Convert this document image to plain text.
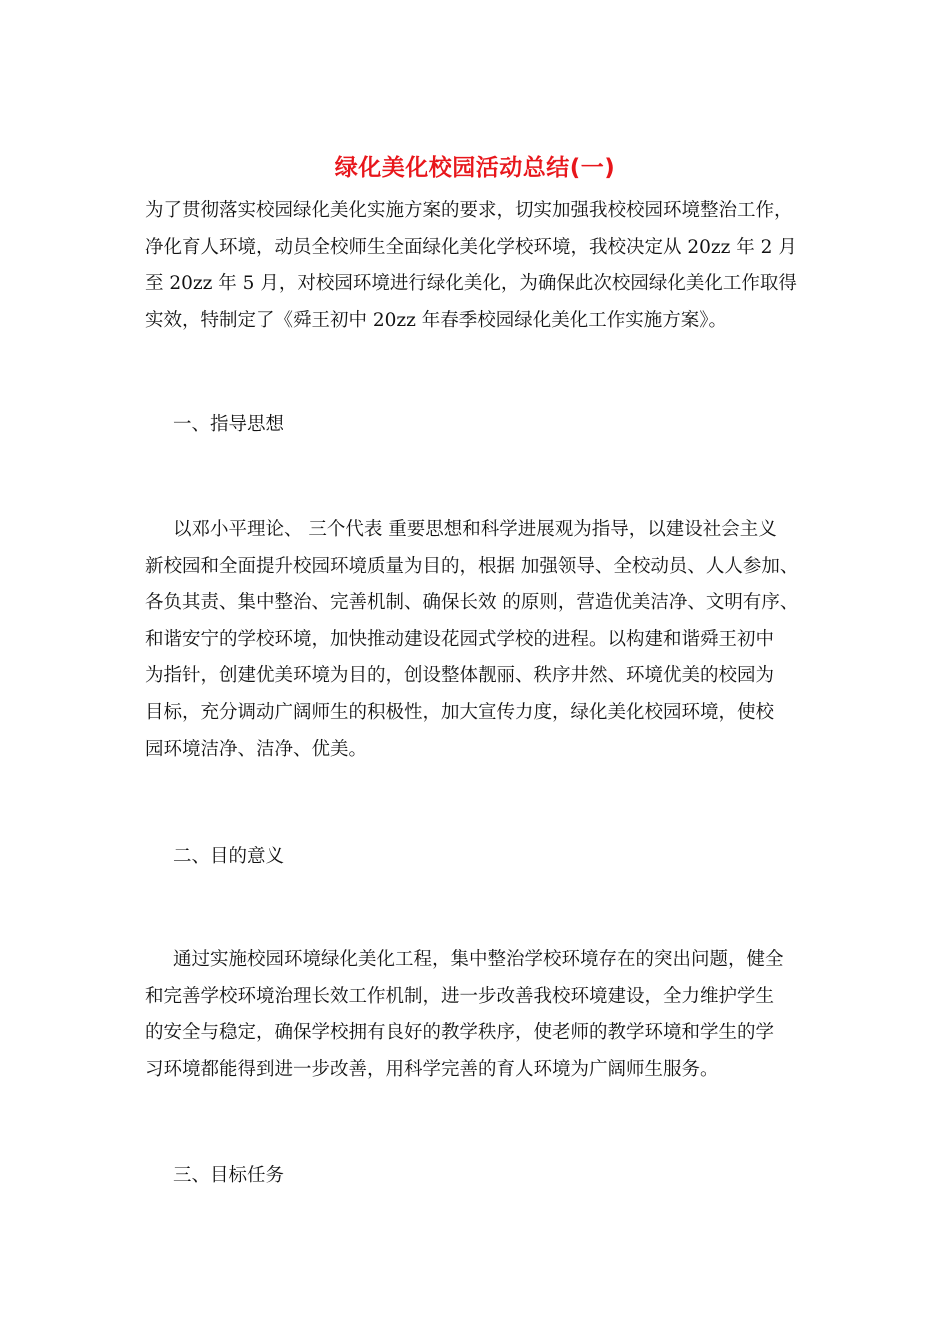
绿化美化校园活动总结(一)
为了贯彻落实校园绿化美化实施方案的要求，切实加强我校校园环境整治工作，
净化育人环境，动员全校师生全面绿化美化学校环境，我校决定从 20zz 年 2 月
至 20zz 年 5 月，对校园环境进行绿化美化，为确保此次校园绿化美化工作取得
实效，特制定了《舜王初中 20zz 年春季校园绿化美化工作实施方案》。
一、指导思想
以邓小平理论、 三个代表 重要思想和科学进展观为指导，以建设社会主义
新校园和全面提升校园环境质量为目的，根据 加强领导、全校动员、人人参加、
各负其责、集中整治、完善机制、确保长效 的原则，营造优美洁净、文明有序、
和谐安宁的学校环境，加快推动建设花园式学校的进程。以构建和谐舜王初中
为指针，创建优美环境为目的，创设整体靓丽、秩序井然、环境优美的校园为
目标，充分调动广阔师生的积极性，加大宣传力度，绿化美化校园环境，使校
园环境洁净、洁净、优美。
二、目的意义
通过实施校园环境绿化美化工程，集中整治学校环境存在的突出问题，健全
和完善学校环境治理长效工作机制，进一步改善我校环境建设，全力维护学生
的安全与稳定，确保学校拥有良好的教学秩序，使老师的教学环境和学生的学
习环境都能得到进一步改善，用科学完善的育人环境为广阔师生服务。
三、目标任务
